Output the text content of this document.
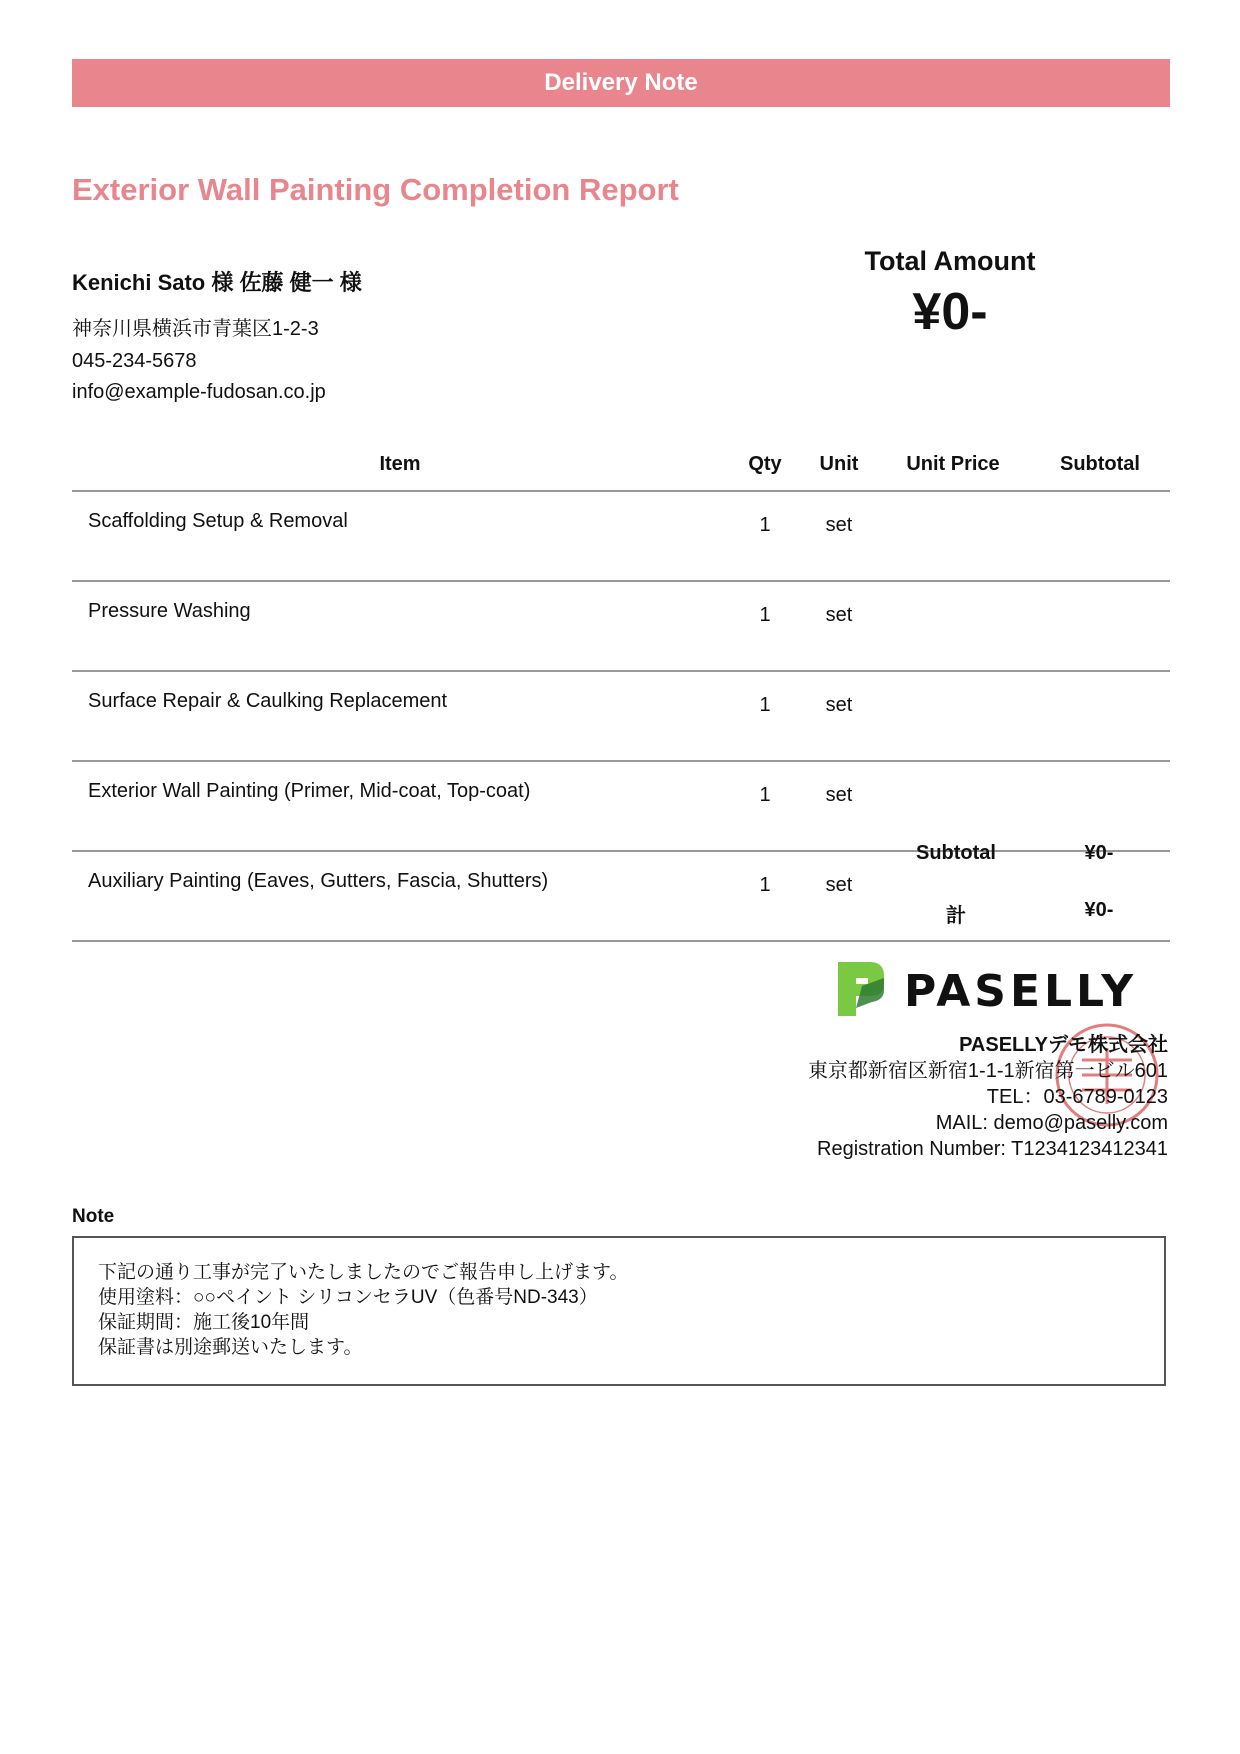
Delivery Note
Exterior Wall Painting Completion Report
Kenichi Sato 様 佐藤 健一 様
神奈川県横浜市青葉区1-2-3
045-234-5678
info@example-fudosan.co.jp
Total Amount
¥0-
Item	Qty	Unit	Unit Price	Subtotal
Scaffolding Setup & Removal	1	set		
Pressure Washing	1	set		
Surface Repair & Caulking Replacement	1	set		
Exterior Wall Painting (Primer, Mid-coat, Top-coat)	1	set		
Auxiliary Painting (Eaves, Gutters, Fascia, Shutters)	1	set		
Subtotal	¥0-
計	¥0-
PASELLY
PASELLYデモ株式会社
東京都新宿区新宿1-1-1新宿第一ビル601
TEL：03-6789-0123
MAIL: demo@paselly.com
Registration Number: T1234123412341
Note
下記の通り工事が完了いたしましたのでご報告申し上げます。
使用塗料：○○ペイント シリコンセラUV（色番号ND-343）
保証期間：施工後10年間
保証書は別途郵送いたします。
